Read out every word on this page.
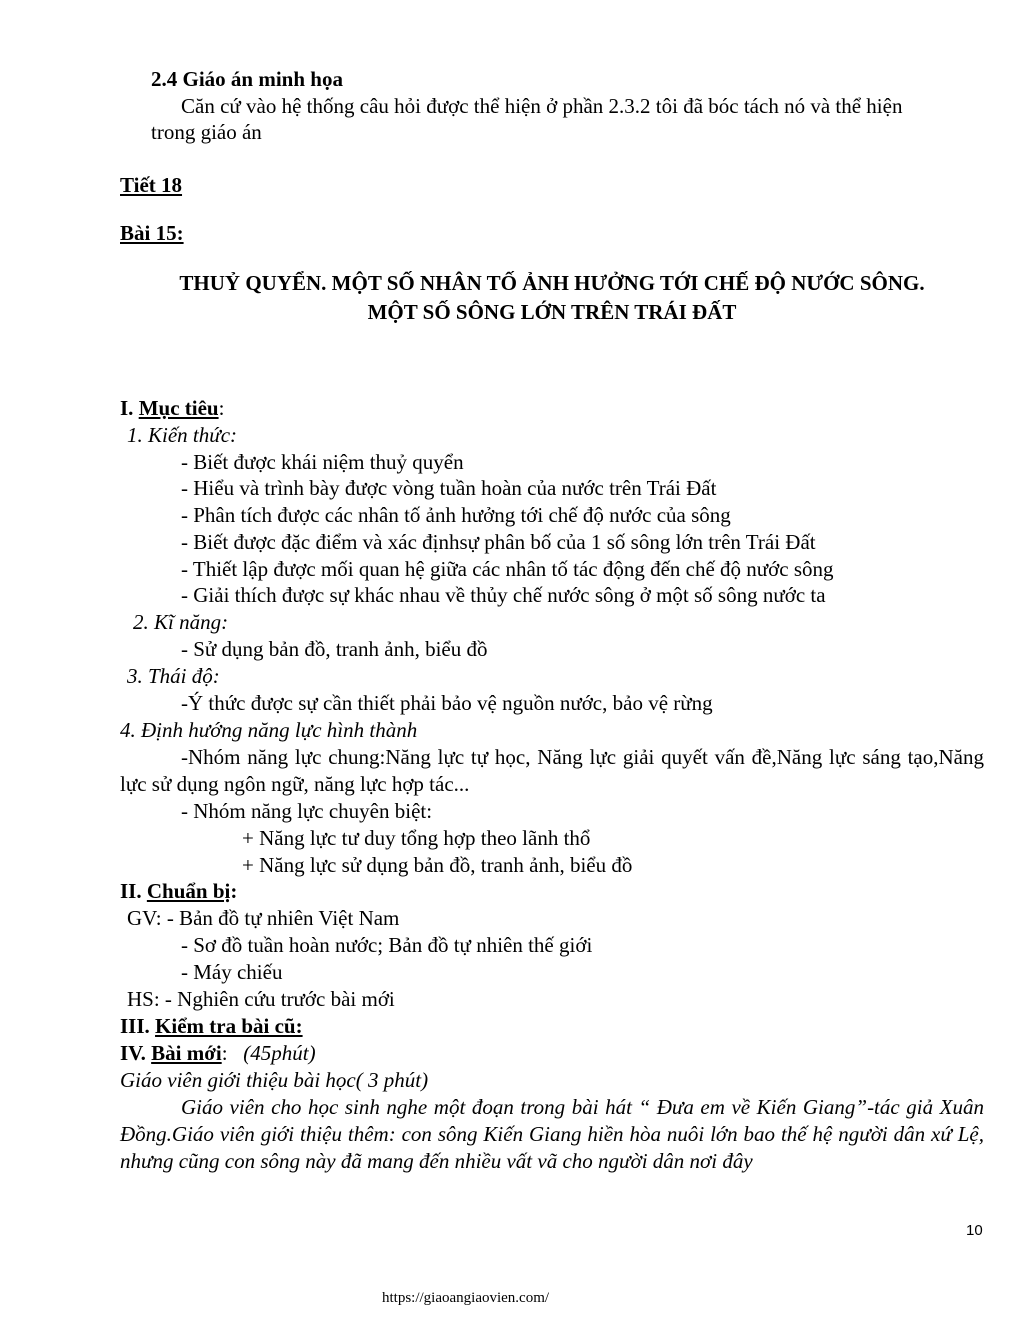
2.4 Giáo án minh họa
Căn cứ vào hệ thống câu hỏi được thể hiện ở phần 2.3.2 tôi đã bóc tách nó và thể hiện
trong giáo án
Tiết 18
Bài 15:
THUỶ QUYỂN. MỘT SỐ NHÂN TỐ ẢNH HƯỞNG TỚI CHẾ ĐỘ NƯỚC SÔNG.
MỘT SỐ SÔNG LỚN TRÊN TRÁI ĐẤT
I. Mục tiêu:
1. Kiến thức:
- Biết được khái niệm thuỷ quyển
- Hiểu và trình bày được vòng tuần hoàn của nước trên Trái Đất
- Phân tích được các nhân tố ảnh hưởng tới chế độ nước của sông
- Biết được đặc điểm và xác địnhsự phân bố của 1 số sông lớn trên Trái Đất
- Thiết lập được mối quan hệ giữa các nhân tố tác động đến chế độ nước sông
- Giải thích được sự khác nhau về thủy chế nước sông ở một số sông nước ta
2. Kĩ năng:
- Sử dụng bản đồ, tranh ảnh, biểu đồ
3. Thái độ:
-Ý thức được sự cần thiết phải bảo vệ nguồn nước, bảo vệ rừng
4. Định hướng năng lực hình thành
-Nhóm năng lực chung:Năng lực tự học, Năng lực giải quyết vấn đề,Năng lực sáng tạo,Năng lực sử dụng ngôn ngữ, năng lực hợp tác...
- Nhóm năng lực chuyên biệt:
+ Năng lực tư duy tổng hợp theo lãnh thổ
+ Năng lực sử dụng bản đồ, tranh ảnh, biểu đồ
II. Chuẩn bị:
GV: - Bản đồ tự nhiên Việt Nam
- Sơ đồ tuần hoàn nước; Bản đồ tự nhiên thế giới
- Máy chiếu
HS: - Nghiên cứu trước bài mới
III. Kiểm tra bài cũ:
IV. Bài mới: (45phút)
Giáo viên giới thiệu bài học( 3 phút)
Giáo viên cho học sinh nghe một đoạn trong bài hát “ Đưa em về Kiến Giang”-tác giả Xuân Đồng.Giáo viên giới thiệu thêm: con sông Kiến Giang hiền hòa nuôi lớn bao thế hệ người dân xứ Lệ, nhưng cũng con sông này đã mang đến nhiều vất vã cho người dân nơi đây
10
https://giaoangiaovien.com/
